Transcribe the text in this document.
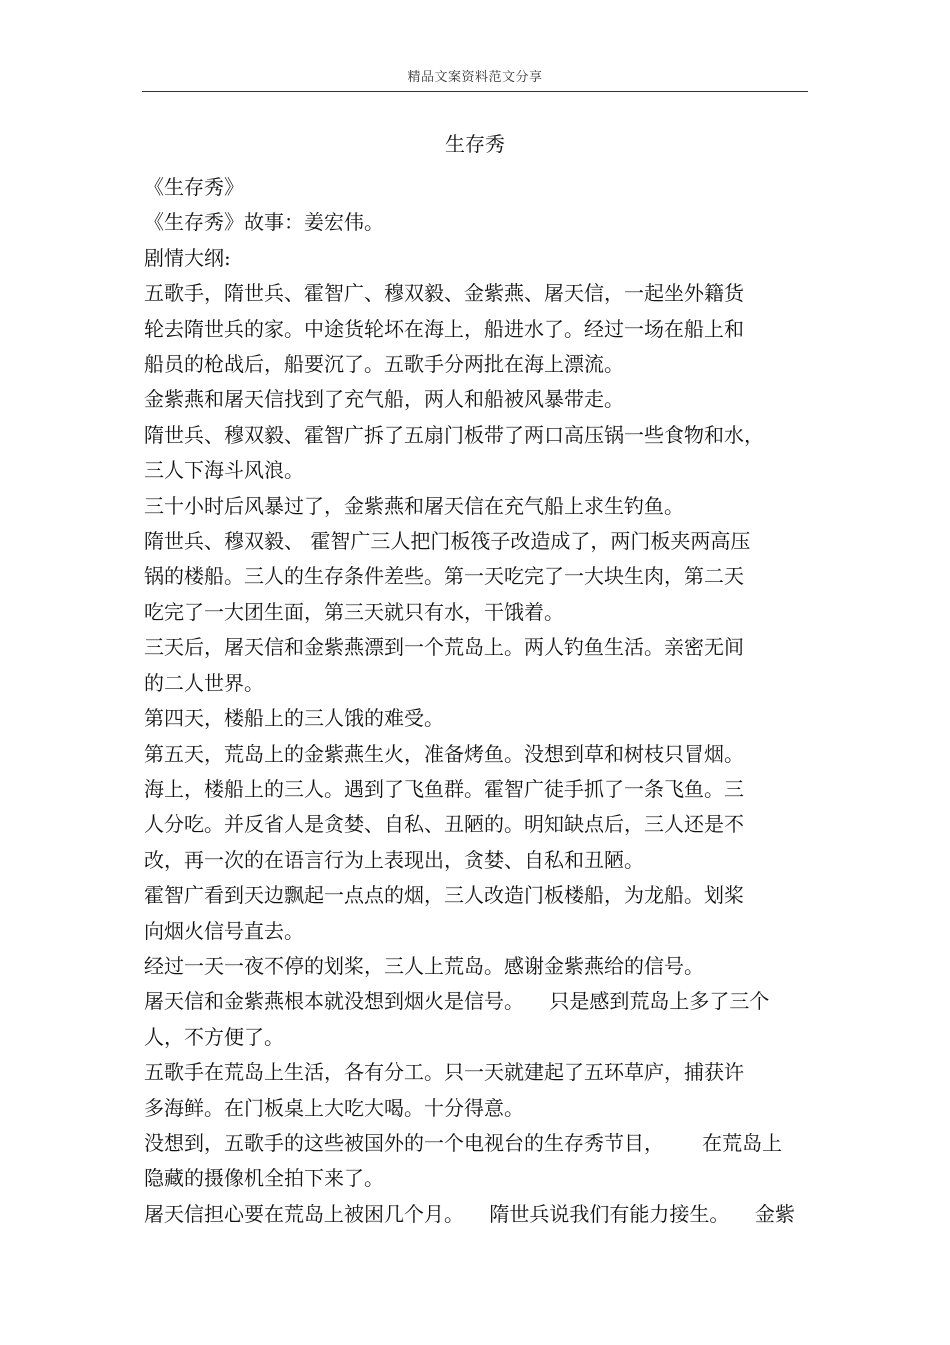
精品文案资料范文分享
生存秀

《生存秀》

《生存秀》故事：姜宏伟。

剧情大纲:

五歌手，隋世兵、霍智广、穆双毅、金紫燕、屠天信，一起坐外籍货
轮去隋世兵的家。中途货轮坏在海上，船进水了。经过一场在船上和
船员的枪战后，船要沉了。五歌手分两批在海上漂流。

金紫燕和屠天信找到了充气船，两人和船被风暴带走。

隋世兵、穆双毅、霍智广拆了五扇门板带了两口高压锅一些食物和水，
三人下海斗风浪。

三十小时后风暴过了，金紫燕和屠天信在充气船上求生钓鱼。

隋世兵、穆双毅、 霍智广三人把门板筏子改造成了，两门板夹两高压
锅的楼船。三人的生存条件差些。第一天吃完了一大块生肉，第二天
吃完了一大团生面，第三天就只有水，干饿着。

三天后，屠天信和金紫燕漂到一个荒岛上。两人钓鱼生活。亲密无间
的二人世界。

第四天，楼船上的三人饿的难受。

第五天，荒岛上的金紫燕生火，准备烤鱼。没想到草和树枝只冒烟。
海上，楼船上的三人。遇到了飞鱼群。霍智广徒手抓了一条飞鱼。三
人分吃。并反省人是贪婪、自私、丑陋的。明知缺点后，三人还是不
改，再一次的在语言行为上表现出，贪婪、自私和丑陋。

霍智广看到天边飘起一点点的烟，三人改造门板楼船，为龙船。划桨
向烟火信号直去。

经过一天一夜不停的划桨，三人上荒岛。感谢金紫燕给的信号。

屠天信和金紫燕根本就没想到烟火是信号。    只是感到荒岛上多了三个
人，不方便了。

五歌手在荒岛上生活，各有分工。只一天就建起了五环草庐，捕获许
多海鲜。在门板桌上大吃大喝。十分得意。

没想到，五歌手的这些被国外的一个电视台的生存秀节目，      在荒岛上
隐藏的摄像机全拍下来了。

屠天信担心要在荒岛上被困几个月。    隋世兵说我们有能力接生。    金紫
